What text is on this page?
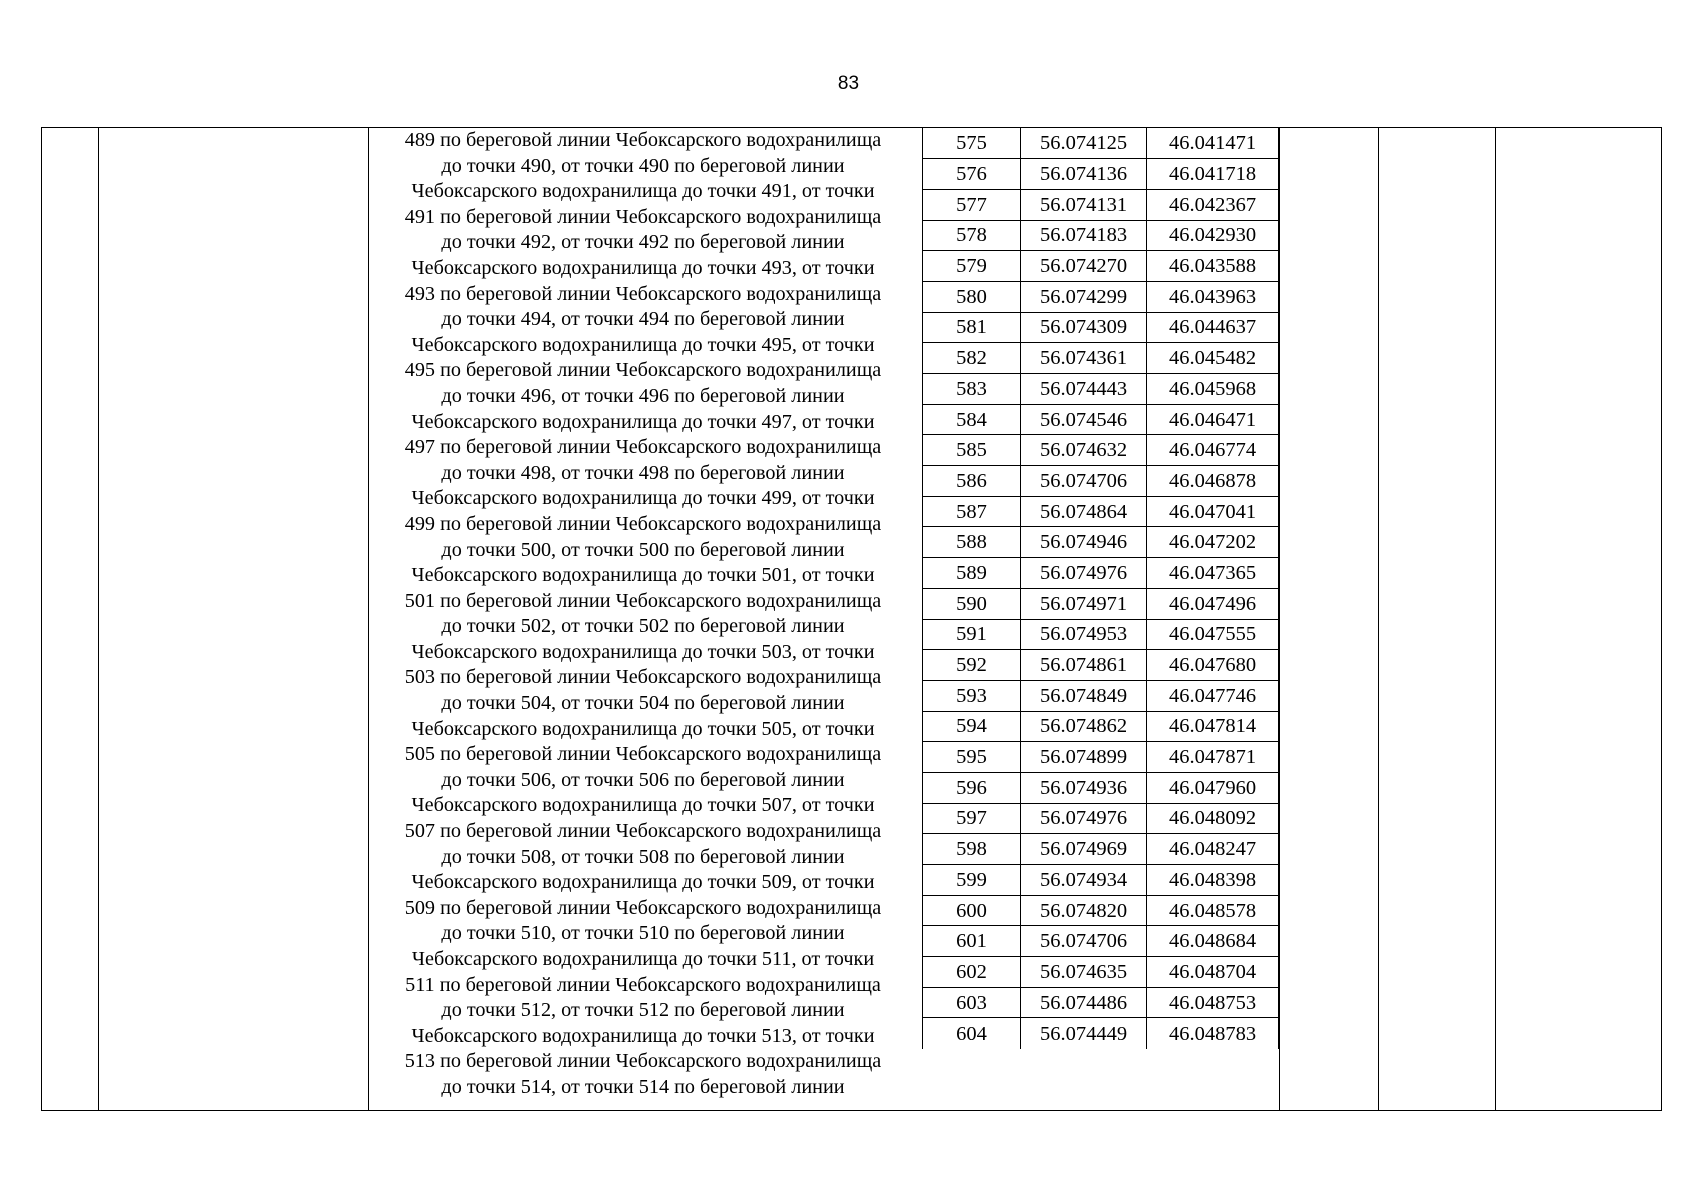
83
489 по береговой линии Чебоксарского водохранилища
до точки 490, от точки 490 по береговой линии
Чебоксарского водохранилища до точки 491, от точки
491 по береговой линии Чебоксарского водохранилища
до точки 492, от точки 492 по береговой линии
Чебоксарского водохранилища до точки 493, от точки
493 по береговой линии Чебоксарского водохранилища
до точки 494, от точки 494 по береговой линии
Чебоксарского водохранилища до точки 495, от точки
495 по береговой линии Чебоксарского водохранилища
до точки 496, от точки 496 по береговой линии
Чебоксарского водохранилища до точки 497, от точки
497 по береговой линии Чебоксарского водохранилища
до точки 498, от точки 498 по береговой линии
Чебоксарского водохранилища до точки 499, от точки
499 по береговой линии Чебоксарского водохранилища
до точки 500, от точки 500 по береговой линии
Чебоксарского водохранилища до точки 501, от точки
501 по береговой линии Чебоксарского водохранилища
до точки 502, от точки 502 по береговой линии
Чебоксарского водохранилища до точки 503, от точки
503 по береговой линии Чебоксарского водохранилища
до точки 504, от точки 504 по береговой линии
Чебоксарского водохранилища до точки 505, от точки
505 по береговой линии Чебоксарского водохранилища
до точки 506, от точки 506 по береговой линии
Чебоксарского водохранилища до точки 507, от точки
507 по береговой линии Чебоксарского водохранилища
до точки 508, от точки 508 по береговой линии
Чебоксарского водохранилища до точки 509, от точки
509 по береговой линии Чебоксарского водохранилища
до точки 510, от точки 510 по береговой линии
Чебоксарского водохранилища до точки 511, от точки
511 по береговой линии Чебоксарского водохранилища
до точки 512, от точки 512 по береговой линии
Чебоксарского водохранилища до точки 513, от точки
513 по береговой линии Чебоксарского водохранилища
до точки 514, от точки 514 по береговой линии
575	56.074125	46.041471
576	56.074136	46.041718
577	56.074131	46.042367
578	56.074183	46.042930
579	56.074270	46.043588
580	56.074299	46.043963
581	56.074309	46.044637
582	56.074361	46.045482
583	56.074443	46.045968
584	56.074546	46.046471
585	56.074632	46.046774
586	56.074706	46.046878
587	56.074864	46.047041
588	56.074946	46.047202
589	56.074976	46.047365
590	56.074971	46.047496
591	56.074953	46.047555
592	56.074861	46.047680
593	56.074849	46.047746
594	56.074862	46.047814
595	56.074899	46.047871
596	56.074936	46.047960
597	56.074976	46.048092
598	56.074969	46.048247
599	56.074934	46.048398
600	56.074820	46.048578
601	56.074706	46.048684
602	56.074635	46.048704
603	56.074486	46.048753
604	56.074449	46.048783
